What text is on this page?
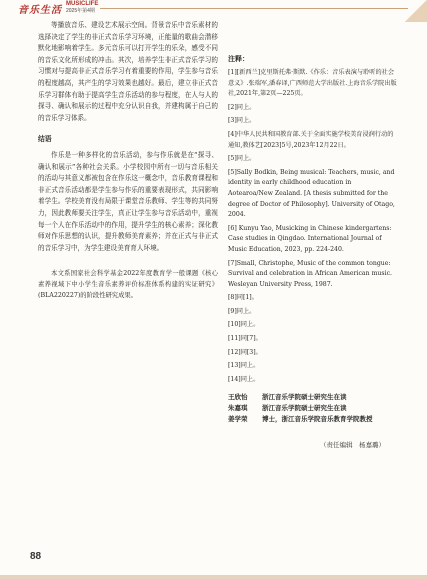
音乐生活
MUSICLIFE
2025年第4期

等播放音乐、建设艺术展示空间。背景音乐中音乐素材的选择决定了学生的非正式音乐学习环境，正能量的歌曲会潜移默化地影响着学生。多元音乐可以打开学生的乐朵，感受不同的音乐文化所形成的冲击。其次，培养学生非正式音乐学习的习惯对与提高非正式音乐学习有着重要的作用，学生参与音乐的程度越高，其产生的学习效果也越好。最后，建立非正式音乐学习群体有助于提高学生音乐活动的参与程度，在人与人的探寻、确认和展示的过程中充分认识自我，并建构属于自己的的音乐学习体系。

结语

作乐是一种多样化的音乐活动，参与作乐就是在“探寻、确认和展示”各种社会关系。小学校园中所有一切与音乐相关的活动与其意义都被包含在作乐这一概念中，音乐教育课程和非正式音乐活动都是学生参与作乐的重要表现形式，共同影响着学生。学校美育没有局限于课堂音乐教师、学生等的共同努力，因此教师要关注学生，真正让学生参与音乐活动中，重视每一个人在作乐活动中的作用，提升学生的核心素养；深化教师对作乐思想的认识，提升教师美育素养；并在正式与非正式的音乐学习中，为学生建设美育育人环境。

本文系国家社会科学基金2022年度教育学一般课题《核心素养视域下中小学生音乐素养评价标准体系构建的实证研究》(BLA220227)的阶段性研究成果。

注释：

[1][新西兰]克里斯托弗·斯默.《作乐：音乐表演与聆听的社会意义》.张瑞军,潘春译,广西师范大学出版社.上海音乐学院出版社,2021年,第2页—225页。

[2]同上。

[3]同上。

[4]中华人民共和国教育部.关于全面实施学校美育浸润行动的通知,教体艺[2023]5号,2023年12月22日。

[5]同上。

[5]Sally Bodkin, Being musical: Teachers, music, and identity in early childhood education in Aotearoa/New Zealand. [A thesis submitted for the degree of Doctor of Philosophy]. University of Otago, 2004.

[6] Kunyu Yao, Musicking in Chinese kindergartens: Case studies in Qingdao. International Journal of Music Education, 2023, pp. 224-240.

[7]Small, Christophe, Music of the common tongue: Survival and celebration in African American music. Wesleyan University Press, 1987.

[8]同[1]。

[9]同上。

[10]同上。

[11]同[7]。

[12]同[3]。

[13]同上。

[14]同上。

王欣怡	浙江音乐学院硕士研究生在读
朱嘉琪	浙江音乐学院硕士研究生在读
姜学荣	博士，浙江音乐学院音乐教育学院教授
（责任编辑　杨嘉璐）
88
